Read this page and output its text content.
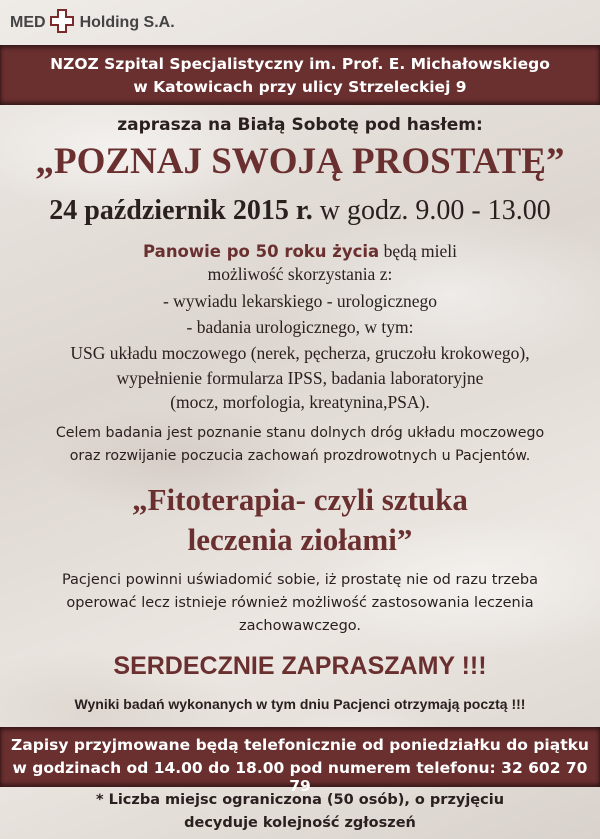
MED Holding S.A.
NZOZ Szpital Specjalistyczny im. Prof. E. Michałowskiego
w Katowicach przy ulicy Strzeleckiej 9
zaprasza na Białą Sobotę pod hasłem:
„POZNAJ SWOJĄ PROSTATĘ”
24 październik 2015 r. w godz. 9.00 - 13.00
Panowie po 50 roku życia będą mieli
możliwość skorzystania z:
- wywiadu lekarskiego - urologicznego
- badania urologicznego, w tym:
USG układu moczowego (nerek, pęcherza, gruczołu krokowego),
wypełnienie formularza IPSS, badania laboratoryjne
(mocz, morfologia, kreatynina,PSA).
Celem badania jest poznanie stanu dolnych dróg układu moczowego
oraz rozwijanie poczucia zachowań prozdrowotnych u Pacjentów.
„Fitoterapia- czyli sztuka
leczenia ziołami”
Pacjenci powinni uświadomić sobie, iż prostatę nie od razu trzeba
operować lecz istnieje również możliwość zastosowania leczenia
zachowawczego.
SERDECZNIE ZAPRASZAMY !!!
Wyniki badań wykonanych w tym dniu Pacjenci otrzymają pocztą !!!
Zapisy przyjmowane będą telefonicznie od poniedziałku do piątku
w godzinach od 14.00 do 18.00 pod numerem telefonu: 32 602 70 79
* Liczba miejsc ograniczona (50 osób), o przyjęciu
decyduje kolejność zgłoszeń
